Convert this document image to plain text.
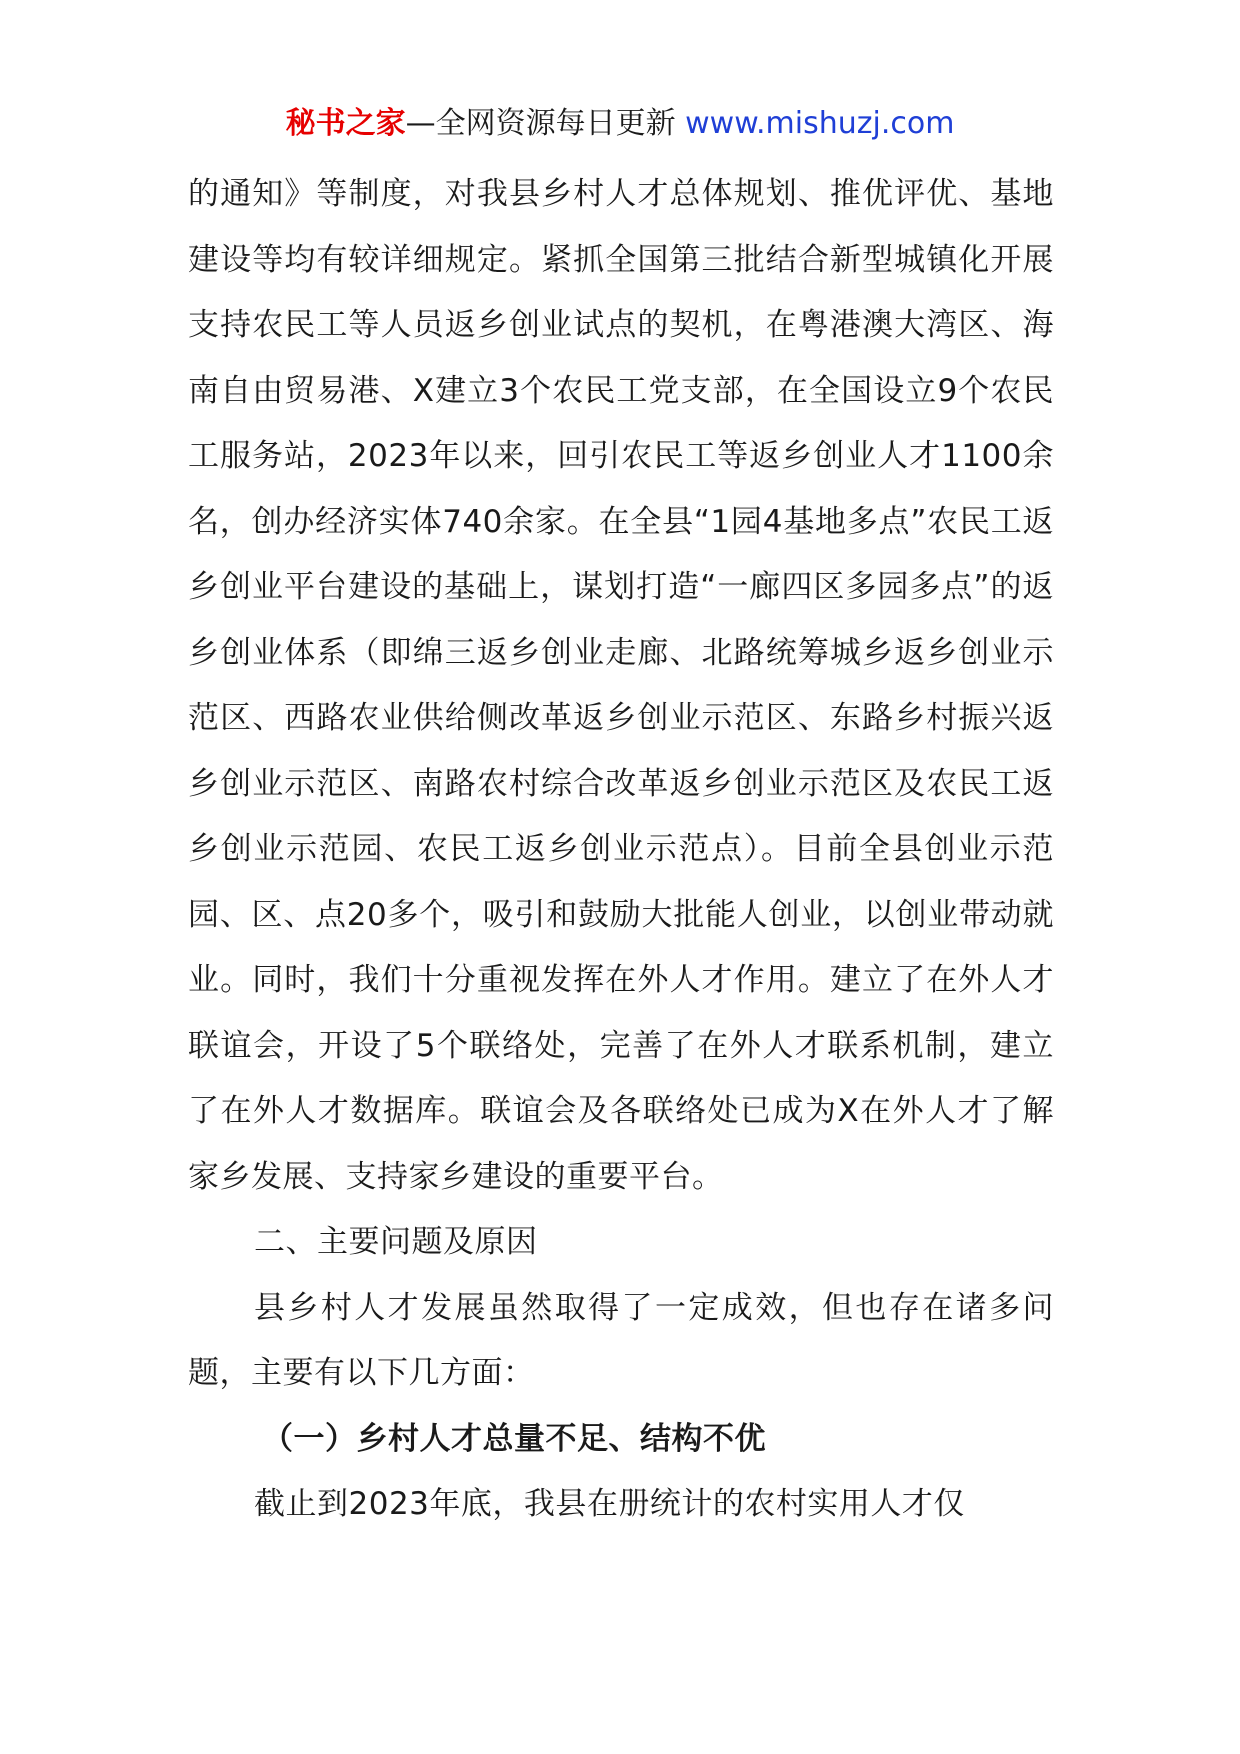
秘书之家—全网资源每日更新 www.mishuzj.com

的通知》等制度，对我县乡村人才总体规划、推优评优、基地建设等均有较详细规定。紧抓全国第三批结合新型城镇化开展支持农民工等人员返乡创业试点的契机，在粤港澳大湾区、海南自由贸易港、X建立3个农民工党支部，在全国设立9个农民工服务站，2023年以来，回引农民工等返乡创业人才1100余名，创办经济实体740余家。在全县“1园4基地多点”农民工返乡创业平台建设的基础上，谋划打造“一廊四区多园多点”的返乡创业体系（即绵三返乡创业走廊、北路统筹城乡返乡创业示范区、西路农业供给侧改革返乡创业示范区、东路乡村振兴返乡创业示范区、南路农村综合改革返乡创业示范区及农民工返乡创业示范园、农民工返乡创业示范点）。目前全县创业示范园、区、点20多个，吸引和鼓励大批能人创业，以创业带动就业。同时，我们十分重视发挥在外人才作用。建立了在外人才联谊会，开设了5个联络处，完善了在外人才联系机制，建立了在外人才数据库。联谊会及各联络处已成为X在外人才了解家乡发展、支持家乡建设的重要平台。

二、主要问题及原因

县乡村人才发展虽然取得了一定成效，但也存在诸多问题，主要有以下几方面：

（一）乡村人才总量不足、结构不优

截止到2023年底，我县在册统计的农村实用人才仅
